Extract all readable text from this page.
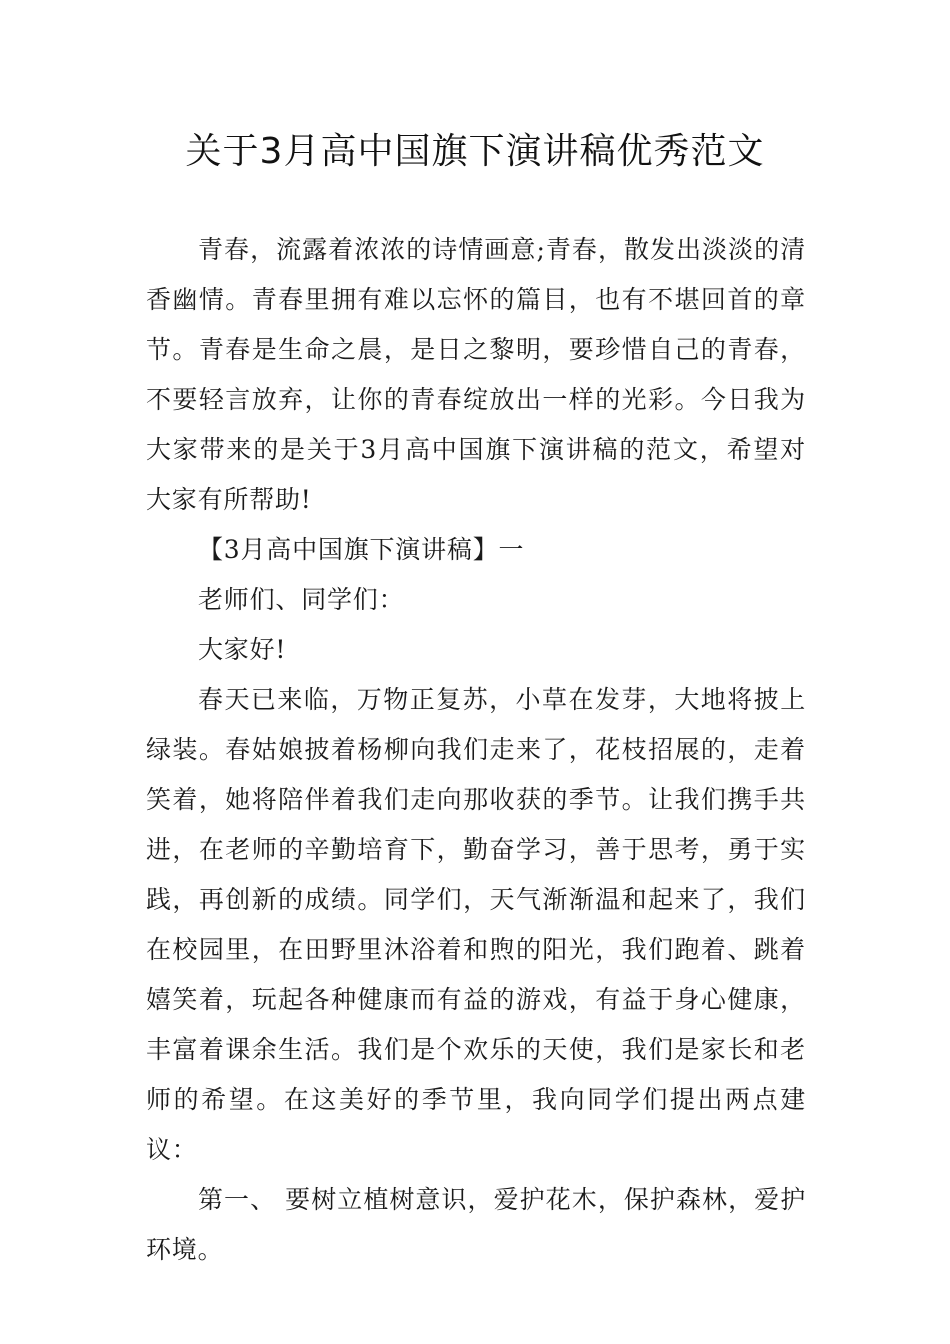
关于3月高中国旗下演讲稿优秀范文

青春，流露着浓浓的诗情画意;青春，散发出淡淡的清香幽情。青春里拥有难以忘怀的篇目，也有不堪回首的章节。青春是生命之晨，是日之黎明，要珍惜自己的青春，不要轻言放弃，让你的青春绽放出一样的光彩。今日我为大家带来的是关于3月高中国旗下演讲稿的范文，希望对大家有所帮助!

【3月高中国旗下演讲稿】一

老师们、同学们：

大家好!

春天已来临，万物正复苏，小草在发芽，大地将披上绿装。春姑娘披着杨柳向我们走来了，花枝招展的，走着笑着，她将陪伴着我们走向那收获的季节。让我们携手共进，在老师的辛勤培育下，勤奋学习，善于思考，勇于实践，再创新的成绩。同学们，天气渐渐温和起来了，我们在校园里，在田野里沐浴着和煦的阳光，我们跑着、跳着嬉笑着，玩起各种健康而有益的游戏，有益于身心健康，丰富着课余生活。我们是个欢乐的天使，我们是家长和老师的希望。在这美好的季节里，我向同学们提出两点建议：

第一、 要树立植树意识，爱护花木，保护森林，爱护环境。
